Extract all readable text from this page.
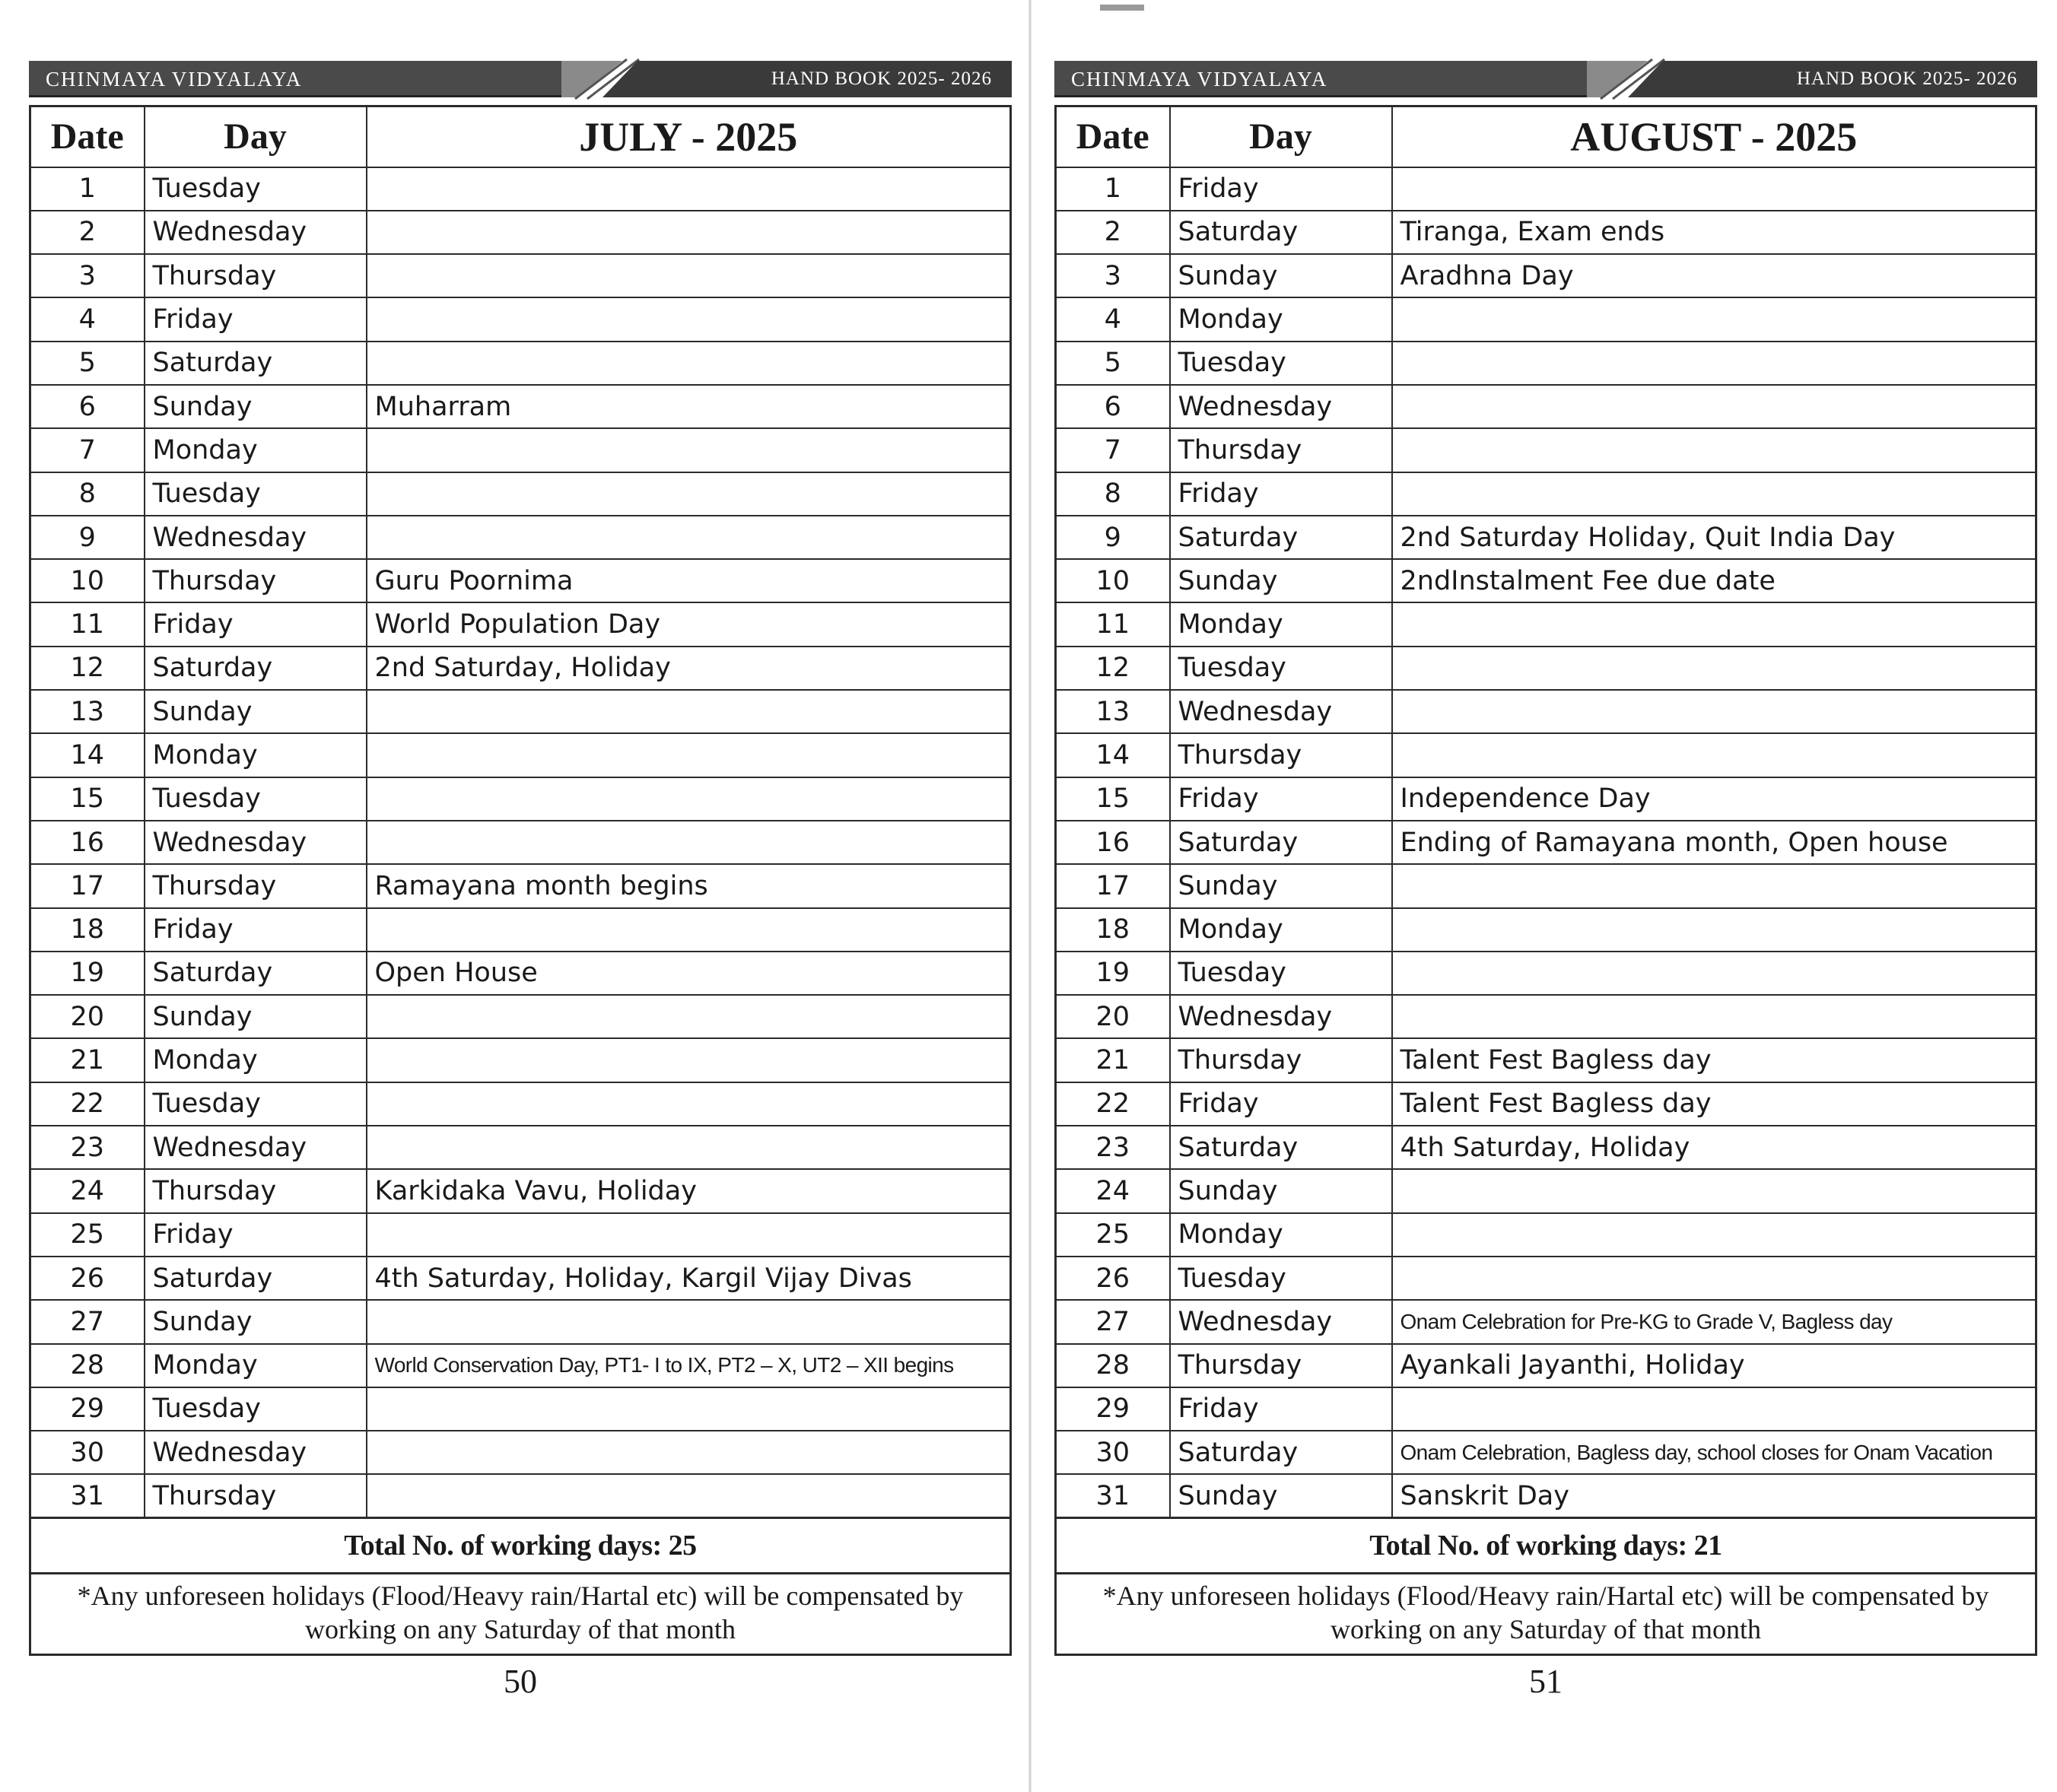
CHINMAYA VIDYALAYA	HAND BOOK 2025- 2026
Date	Day	JULY - 2025
1	Tuesday	
2	Wednesday	
3	Thursday	
4	Friday	
5	Saturday	
6	Sunday	Muharram
7	Monday	
8	Tuesday	
9	Wednesday	
10	Thursday	Guru Poornima
11	Friday	World Population Day
12	Saturday	2nd Saturday, Holiday
13	Sunday	
14	Monday	
15	Tuesday	
16	Wednesday	
17	Thursday	Ramayana month begins
18	Friday	
19	Saturday	Open House
20	Sunday	
21	Monday	
22	Tuesday	
23	Wednesday	
24	Thursday	Karkidaka Vavu, Holiday
25	Friday	
26	Saturday	4th Saturday, Holiday, Kargil Vijay Divas
27	Sunday	
28	Monday	World Conservation Day, PT1- I to IX, PT2 – X, UT2 – XII begins
29	Tuesday	
30	Wednesday	
31	Thursday	
Total No. of working days: 25
*Any unforeseen holidays (Flood/Heavy rain/Hartal etc) will be compensated by working on any Saturday of that month
50
CHINMAYA VIDYALAYA	HAND BOOK 2025- 2026
Date	Day	AUGUST - 2025
1	Friday	
2	Saturday	Tiranga, Exam ends
3	Sunday	Aradhna Day
4	Monday	
5	Tuesday	
6	Wednesday	
7	Thursday	
8	Friday	
9	Saturday	2nd Saturday Holiday, Quit India Day
10	Sunday	2ndInstalment Fee due date
11	Monday	
12	Tuesday	
13	Wednesday	
14	Thursday	
15	Friday	Independence Day
16	Saturday	Ending of Ramayana month, Open house
17	Sunday	
18	Monday	
19	Tuesday	
20	Wednesday	
21	Thursday	Talent Fest Bagless day
22	Friday	Talent Fest Bagless day
23	Saturday	4th Saturday, Holiday
24	Sunday	
25	Monday	
26	Tuesday	
27	Wednesday	Onam Celebration for Pre-KG to Grade V, Bagless day
28	Thursday	Ayankali Jayanthi, Holiday
29	Friday	
30	Saturday	Onam Celebration, Bagless day, school closes for Onam Vacation
31	Sunday	Sanskrit Day
Total No. of working days: 21
*Any unforeseen holidays (Flood/Heavy rain/Hartal etc) will be compensated by working on any Saturday of that month
51
